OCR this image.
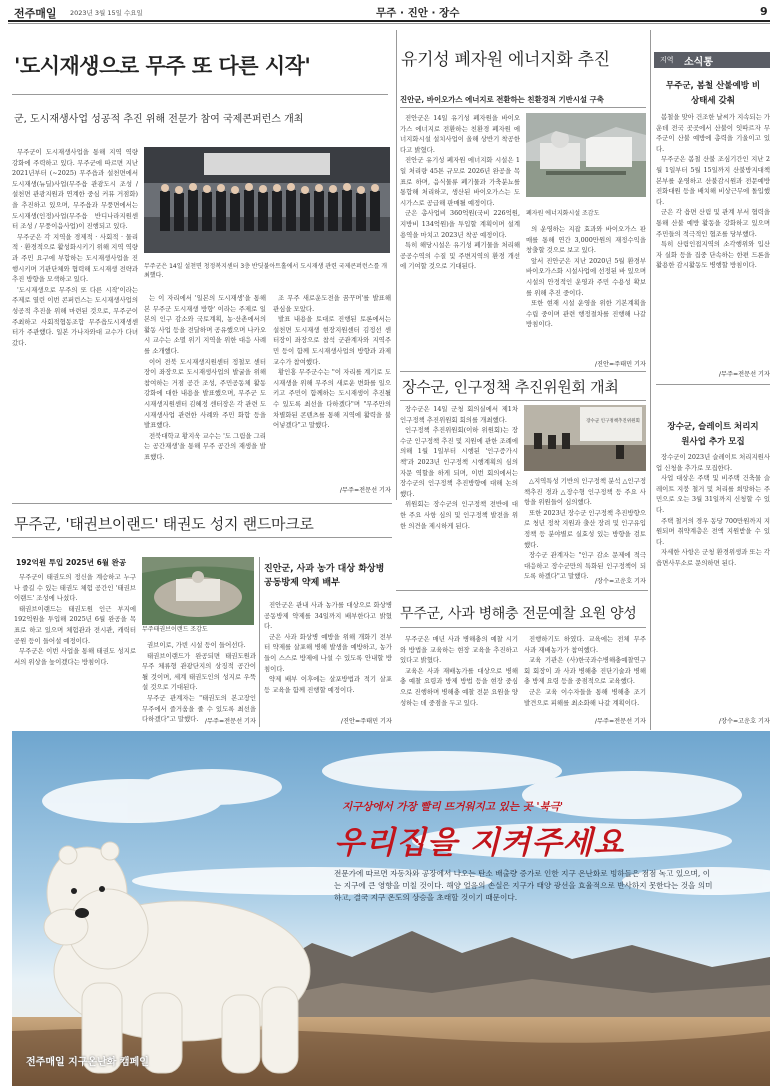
전주매일 2023년 3월 15일 수요일	무주 · 진안 · 장수	9
'도시재생으로 무주 또 다른 시작'
군, 도시재생사업 성공적 추진 위해 전문가 참여 국제콘퍼런스 개최

무주군이 도시재생사업을 통해 지역 역량 강화에 주력하고 있다. 무주군에 따르면 지난 2021년부터 (~2025) 무주읍과 설천면에서 도시재생(뉴딜)사업(무주읍 관광도시 조성 / 설천면 관광지원과 연계한 중심 커뮤 거점화)을 추진하고 있으며, 무주읍과 무풍면에서는 도시재생(인정)사업(무주읍 반디나라지원센터 조성 / 무풍이음사업)이 진행되고 있다.

무주군은 각 지역을 경제적 · 사회적 · 물리적 · 환경적으로 활성화시키기 위해 지역 역량과 주민 요구에 부합하는 도시재생사업을 진행시키며 기관단체와 협력해 도시재생 전략과 추진 방향을 모색하고 있다.

'도시재생으로 무주의 또 다른 시작'이라는 주제로 열린 이번 콘퍼런스는 도시재생사업의 성공적 추진을 위해 마련된 것으로, 무주군이 주최하고 사회적협동조합 무주읍도시재생센터가 주관했다. 일본 가나자와대 교수가 다녀갔다.

무주군은 14일 설천면 청정복지센터 3층 반딧불아트홀에서 도시재생 관련 국제콘퍼런스를 개최했다.

는 이 자리에서 '일본의 도시재생'을 통해 본 무주군 도시재생 방향' 이라는 주제로 일본의 인구 감소와 국토계획, 농·산촌에서의 활동 사업 등을 전달하며 공유했으며 나카오시 교수는 소멸 위기 지역을 위한 대응 사례를 소개했다.

이어 전북 도시재생지원센터 정철모 센터장이 좌장으로 도시재생사업의 발굴을 위해 참여하는 거점 공간 조성, 주민공동체 활동 강화에 대한 내용을 발표했으며, 무주군 도시재생지원센터 김혜정 센터장은 각 관련 도시재생사업 관련한 사례와 주민 화합 등을 발표했다.

전북대학교 황지욱 교수는 '도 그림을 그리는 공간재생'을 통해 무주 공간의 재생을 발표했다.

조 무주 새로운도전을 꿈꾸며'를 발표해 관심을 모았다.

발표 내용을 토대로 진행된 토론에서는 설천면 도시재생 현장지원센터 김정선 센터장이 좌장으로 참석 군관계자와 지역주민 등이 함께 도시재생사업의 방향과 과제 교수가 참여했다.

황인홍 무주군수는 "이 자리를 계기로 도시재생을 위해 무주의 새로운 변화를 일으키고 주민이 함께하는 도시재생이 추진될 수 있도록 최선을 다하겠다"며 "무주만의 차별화된 콘텐츠를 통해 지역에 활력을 불어넣겠다"고 말했다.

/무주=전문선 기자
유기성 폐자원 에너지화 추진
진안군, 바이오가스 에너지로 전환하는 친환경적 기반시설 구축

진안군은 14일 유기성 폐자원을 바이오가스 에너지로 전환하는 친환경 폐자원 에너지화시설 설치사업이 올해 상반기 착공한다고 밝혔다.

진안군 유기성 폐자원 에너지화 시설은 1일 처리량 45톤 규모로 2026년 완공을 목표로 하며, 음식물류 폐기물과 가축분뇨를 통합해 처리하고, 생산된 바이오가스는 도시가스로 공급해 판매될 예정이다.

군은 총사업비 360억원(국비 226억원, 지방비 134억원)을 투입할 계획이며 설계용역을 마치고 2023년 착공 예정이다.

특히 해당시설은 유기성 폐기물을 처리해 공공수역의 수질 및 주변지역의 환경 개선에 기여할 것으로 기대된다.

폐자원 에너지화시설 조감도

의 운영하는 지잡 효과와 바이오가스 판매를 통해 연간 3,000만원의 재정수익을 창출할 것으로 보고 있다.

앞서 진안군은 지난 2020년 5월 환경부 바이오가스화 시설사업에 선정된 바 있으며 시설의 안정적인 운영과 주민 수용성 확보를 위해 추진 중이다.

또한 현재 시설 운영을 위한 기본계획을 수립 중이며 관련 행정절차를 진행해 나갈 방침이다.

/진안=주태민 기자
장수군, 인구정책 추진위원회 개최

장수군은 14일 군청 회의실에서 제1차 인구정책 추진위원회 회의를 개최했다.

인구정책 추진위원회(이하 위원회)는 장수군 인구정책 추진 및 지원에 관한 조례에 의해 1월 1일부터 시행된 '인구증가시책'과 2023년 인구정책 시행계획의 심의 자문 역할을 하게 되며, 이번 회의에서는 장수군의 인구정책 추진방향에 대해 논의했다.

위원회는 장수군의 인구정책 전반에 대한 주요 사항 심의 및 인구정책 발전을 위한 의견을 제시하게 된다.

장수군 인구정책추진위원회

△지역특성 기반의 인구정책 분석 △인구정책추진 경과 △장수형 인구정책 등 주요 사항을 위원들이 심의했다.

또한 2023년 장수군 인구정책 추진방향으로 청년 정착 지원과 출산 장려 및 인구유입 정책 등 분야별로 실효성 있는 방향을 검토했다.

장수군 관계자는 "인구 감소 문제에 적극 대응하고 장수군만의 특화된 인구정책이 되도록 하겠다"고 말했다.

/장수=고운호 기자
무주군, '태권브이랜드' 태권도 성지 랜드마크로
192억원 투입 2025년 6월 완공
무주태권브이랜드 조감도

무주군이 태권도의 정신을 계승하고 누구나 즐길 수 있는 태권도 체험 공간인 '태권브이랜드' 조성에 나섰다.

태권브이랜드는 태권도원 인근 부지에 192억원을 투입해 2025년 6월 완공을 목표로 하고 있으며 체험관과 전시관, 캐릭터 공원 등이 들어설 예정이다.

무주군은 이번 사업을 통해 태권도 성지로서의 위상을 높이겠다는 방침이다.

권브이로, 가빈 시설 등이 들어선다.

태권브이랜드가 완공되면 태권도원과 무주 체류형 관광단지의 상징적 공간이 될 것이며, 세계 태권도인의 성지로 우뚝 설 것으로 기대된다.

무주군 관계자는 "태권도의 본고장인 무주에서 즐거움을 줄 수 있도록 최선을 다하겠다"고 말했다.	/무주=전문선 기자
진안군, 사과 농가 대상 화상병 공동방제 약제 배부

진안군은 관내 사과 농가를 대상으로 화상병 공동방제 약제를 34일까지 배부한다고 밝혔다.

군은 사과 화상병 예방을 위해 개화기 전부터 약제를 살포해 병해 발생을 예방하고, 농가들이 스스로 방제에 나설 수 있도록 안내할 방침이다.

약제 배부 이후에는 살포방법과 적기 살포 등 교육을 함께 진행할 예정이다.

/진안=주태민 기자
무주군, 사과 병해충 전문예찰 요원 양성

무주군은 매년 사과 병해충의 예찰 시기와 방법을 교육하는 현장 교육을 추진하고 있다고 밝혔다.

교육은 사과 재배농가를 대상으로 병해충 예찰 요령과 방제 방법 등을 현장 중심으로 진행하며 병해충 예찰 전문 요원을 양성하는 데 중점을 두고 있다.

진행하기도 하였다. 교육에는 전체 무주 사과 재배농가가 참여했다.

교육 기관은 (사)한국과수병해충예찰연구회 회장이 과 사과 병해충 진단기술과 병해충 방제 요령 등을 중점적으로 교육했다.

군은 교육 이수자들을 통해 병해충 조기 발견으로 피해를 최소화해 나갈 계획이다.

/무주=전문선 기자
지역 소식통
무주군, 봄철 산불예방 비상태세 갖춰

봄철을 맞아 건조한 날씨가 지속되는 가운데 전국 곳곳에서 산불이 잇따르자 무주군이 산불 예방에 총력을 기울이고 있다.

무주군은 봄철 산불 조심기간인 지난 2월 1일부터 5월 15일까지 산불방지대책본부를 운영하고 산불감시원과 전문예방진화대원 등을 배치해 비상근무에 돌입했다.

군은 각 읍면 산림 및 관계 부서 협력을 통해 산불 예방 활동을 강화하고 있으며 주민들의 적극적인 협조를 당부했다.

특히 산림인접지역의 소각행위와 입산자 실화 등을 집중 단속하는 한편 드론을 활용한 감시활동도 병행할 방침이다.

/무주=전문선 기자
장수군, 슬레이트 처리지원사업 추가 모집

장수군이 2023년 슬레이트 처리지원사업 신청을 추가로 모집한다.

사업 대상은 주택 및 비주택 건축물 슬레이트 지붕 철거 및 처리를 희망하는 주민으로 오는 3월 31일까지 신청할 수 있다.

주택 철거의 경우 동당 700만원까지 지원되며 취약계층은 전액 지원받을 수 있다.

자세한 사항은 군청 환경위생과 또는 각 읍면사무소로 문의하면 된다.

/장수=고운호 기자
지구상에서 가장 빨리 뜨거워지고 있는 곳 '북극'
우리집을 지켜주세요
전문가에 따르면 자동차와 공장에서 나오는 탄소 배출량 증가로 인한 지구 온난화로 빙하들은 점점 녹고 있으며, 이는 지구에 큰 영향을 미칠 것이다. 해양 얼음의 손실은 지구가 태양 광선을 효율적으로 반사하지 못한다는 것을 의미하고, 결국 지구 온도의 상승을 초래할 것이기 때문이다.
전주매일 지구온난화 캠페인
